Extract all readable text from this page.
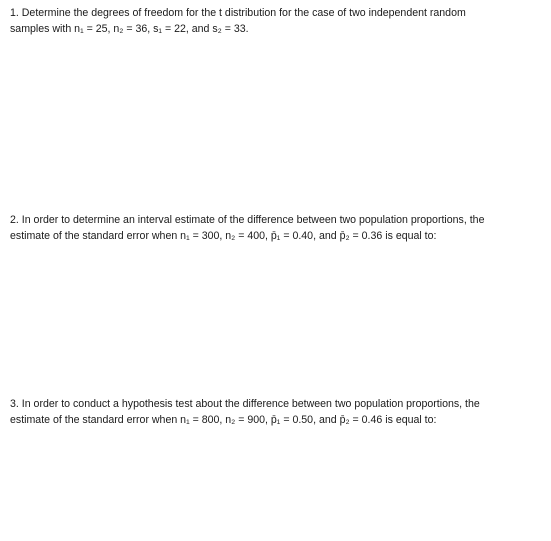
1. Determine the degrees of freedom for the t distribution for the case of two independent random
samples with n₁ = 25, n₂ = 36, s₁ = 22, and s₂ = 33.
2. In order to determine an interval estimate of the difference between two population proportions, the
estimate of the standard error when n₁ = 300, n₂ = 400, p̄₁ = 0.40, and p̄₂ = 0.36 is equal to:
3. In order to conduct a hypothesis test about the difference between two population proportions, the
estimate of the standard error when n₁ = 800, n₂ = 900, p̄₁ = 0.50, and p̄₂ = 0.46 is equal to:
